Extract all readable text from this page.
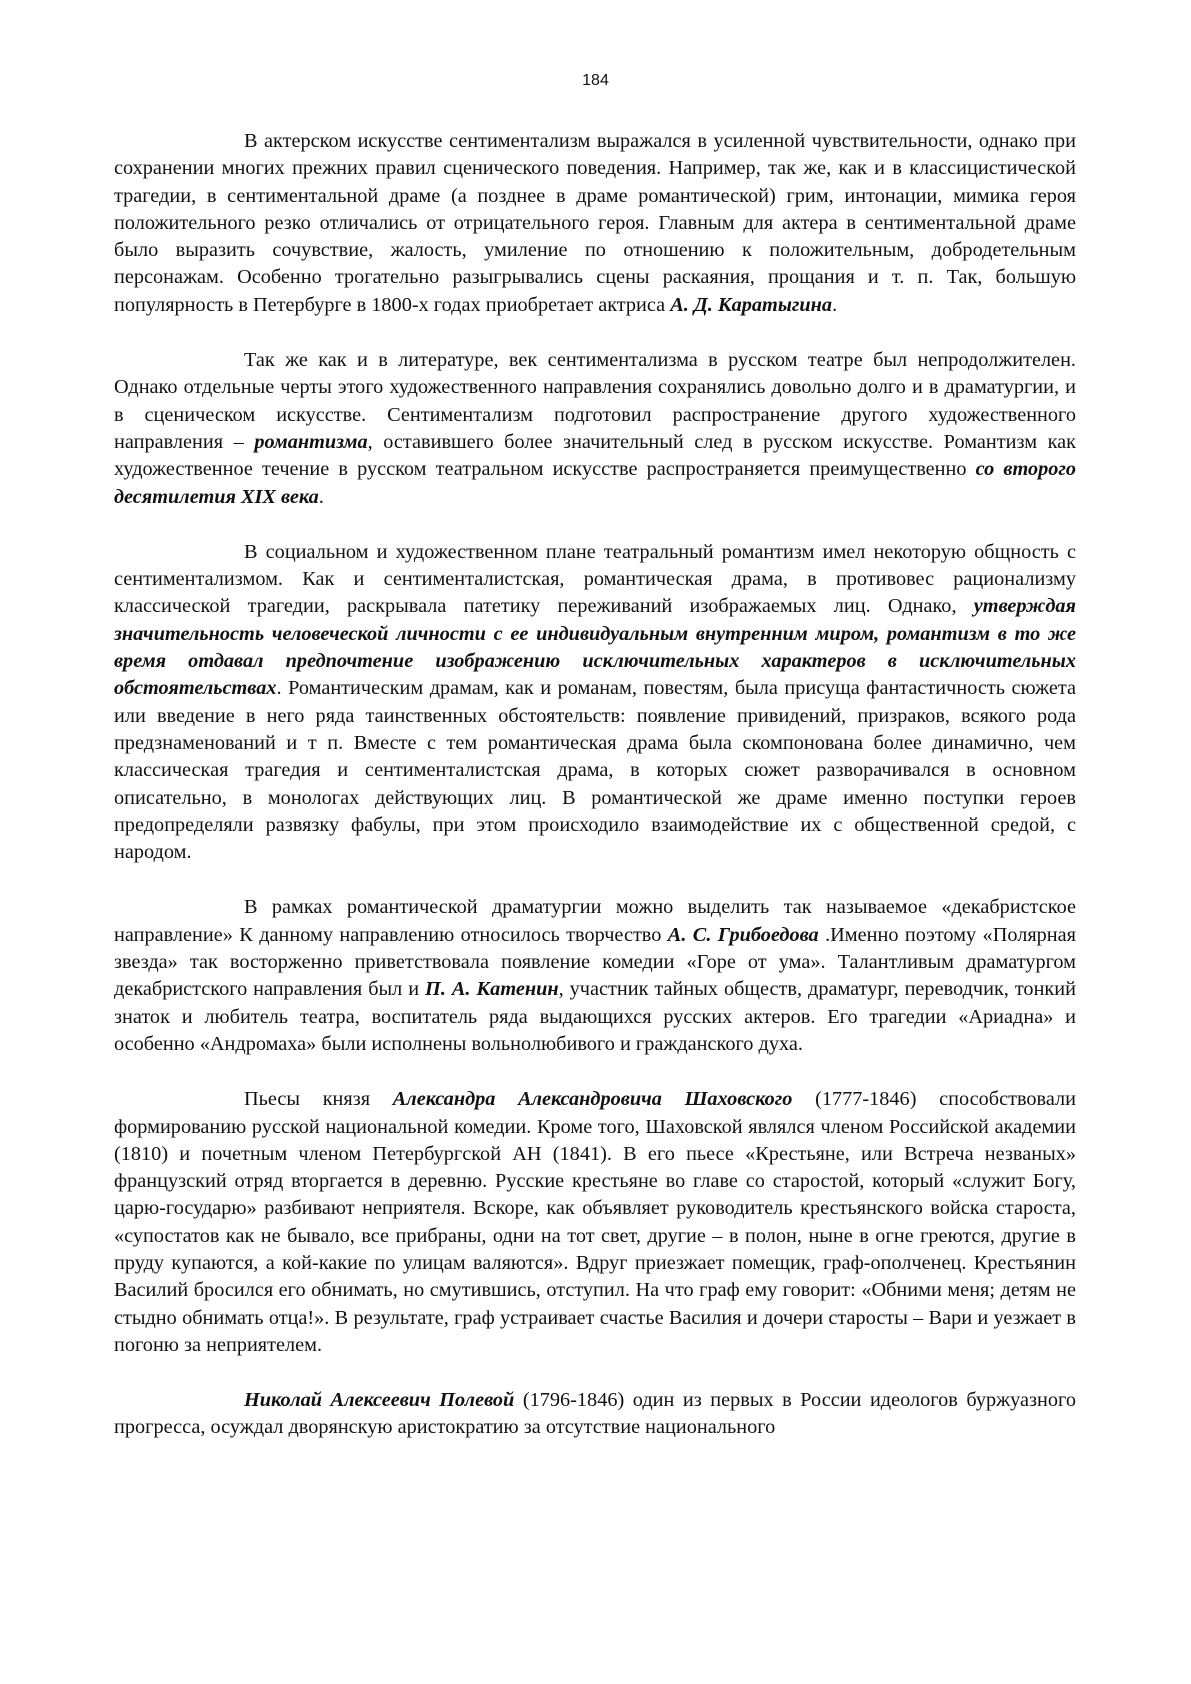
184

В актерском искусстве сентиментализм выражался в усиленной чувствительности, однако при сохранении многих прежних правил сценического поведения. Например, так же, как и в классицистической трагедии, в сентиментальной драме (а позднее в драме романтической) грим, интонации, мимика героя положительного резко отличались от отрицательного героя. Главным для актера в сентиментальной драме было выразить сочувствие, жалость, умиление по отношению к положительным, добродетельным персонажам. Особенно трогательно разыгрывались сцены раскаяния, прощания и т. п. Так, большую популярность в Петербурге в 1800-х годах приобретает актриса А. Д. Каратыгина.

Так же как и в литературе, век сентиментализма в русском театре был непродолжителен. Однако отдельные черты этого художественного направления сохранялись довольно долго и в драматургии, и в сценическом искусстве. Сентиментализм подготовил распространение другого художественного направления – романтизма, оставившего более значительный след в русском искусстве. Романтизм как художественное течение в русском театральном искусстве распространяется преимущественно со второго десятилетия XIX века.

В социальном и художественном плане театральный романтизм имел некоторую общность с сентиментализмом. Как и сентименталистская, романтическая драма, в противовес рационализму классической трагедии, раскрывала патетику переживаний изображаемых лиц. Однако, утверждая значительность человеческой личности с ее индивидуальным внутренним миром, романтизм в то же время отдавал предпочтение изображению исключительных характеров в исключительных обстоятельствах. Романтическим драмам, как и романам, повестям, была присуща фантастичность сюжета или введение в него ряда таинственных обстоятельств: появление привидений, призраков, всякого рода предзнаменований и т п. Вместе с тем романтическая драма была скомпонована более динамично, чем классическая трагедия и сентименталистская драма, в которых сюжет разворачивался в основном описательно, в монологах действующих лиц. В романтической же драме именно поступки героев предопределяли развязку фабулы, при этом происходило взаимодействие их с общественной средой, с народом.

В рамках романтической драматургии можно выделить так называемое «декабристское направление» К данному направлению относилось творчество А. С. Грибоедова .Именно поэтому «Полярная звезда» так восторженно приветствовала появление комедии «Горе от ума». Талантливым драматургом декабристского направления был и П. А. Катенин, участник тайных обществ, драматург, переводчик, тонкий знаток и любитель театра, воспитатель ряда выдающихся русских актеров. Его трагедии «Ариадна» и особенно «Андромаха» были исполнены вольнолюбивого и гражданского духа.

Пьесы князя Александра Александровича Шаховского (1777-1846) способствовали формированию русской национальной комедии. Кроме того, Шаховской являлся членом Российской академии (1810) и почетным членом Петербургской АН (1841). В его пьесе «Крестьяне, или Встреча незваных» французский отряд вторгается в деревню. Русские крестьяне во главе со старостой, который «служит Богу, царю-государю» разбивают неприятеля. Вскоре, как объявляет руководитель крестьянского войска староста, «супостатов как не бывало, все прибраны, одни на тот свет, другие – в полон, ныне в огне греются, другие в пруду купаются, а кой-какие по улицам валяются». Вдруг приезжает помещик, граф-ополченец. Крестьянин Василий бросился его обнимать, но смутившись, отступил. На что граф ему говорит: «Обними меня; детям не стыдно обнимать отца!». В результате, граф устраивает счастье Василия и дочери старосты – Вари и уезжает в погоню за неприятелем.

Николай Алексеевич Полевой (1796-1846) один из первых в России идеологов буржуазного прогресса, осуждал дворянскую аристократию за отсутствие национального
